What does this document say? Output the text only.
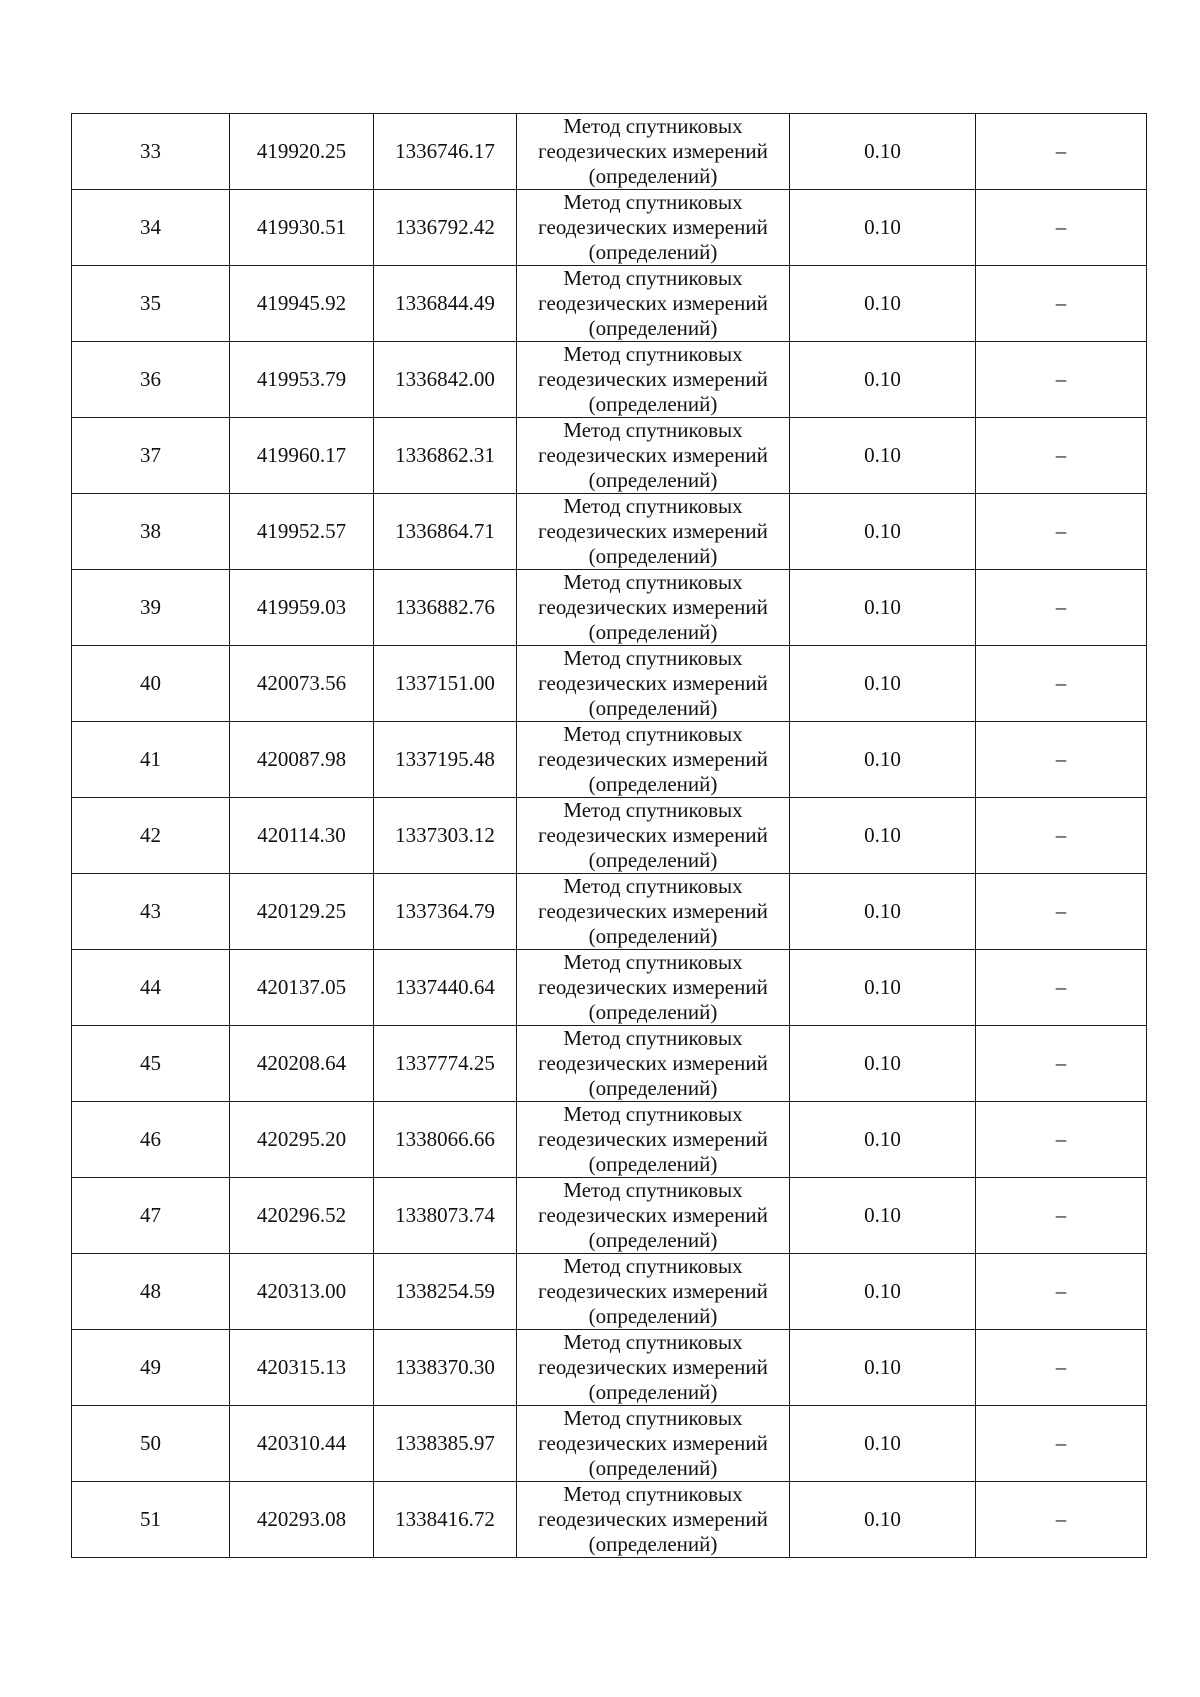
33	419920.25	1336746.17	Метод спутниковых
геодезических измерений
(определений)	0.10	–
34	419930.51	1336792.42	Метод спутниковых
геодезических измерений
(определений)	0.10	–
35	419945.92	1336844.49	Метод спутниковых
геодезических измерений
(определений)	0.10	–
36	419953.79	1336842.00	Метод спутниковых
геодезических измерений
(определений)	0.10	–
37	419960.17	1336862.31	Метод спутниковых
геодезических измерений
(определений)	0.10	–
38	419952.57	1336864.71	Метод спутниковых
геодезических измерений
(определений)	0.10	–
39	419959.03	1336882.76	Метод спутниковых
геодезических измерений
(определений)	0.10	–
40	420073.56	1337151.00	Метод спутниковых
геодезических измерений
(определений)	0.10	–
41	420087.98	1337195.48	Метод спутниковых
геодезических измерений
(определений)	0.10	–
42	420114.30	1337303.12	Метод спутниковых
геодезических измерений
(определений)	0.10	–
43	420129.25	1337364.79	Метод спутниковых
геодезических измерений
(определений)	0.10	–
44	420137.05	1337440.64	Метод спутниковых
геодезических измерений
(определений)	0.10	–
45	420208.64	1337774.25	Метод спутниковых
геодезических измерений
(определений)	0.10	–
46	420295.20	1338066.66	Метод спутниковых
геодезических измерений
(определений)	0.10	–
47	420296.52	1338073.74	Метод спутниковых
геодезических измерений
(определений)	0.10	–
48	420313.00	1338254.59	Метод спутниковых
геодезических измерений
(определений)	0.10	–
49	420315.13	1338370.30	Метод спутниковых
геодезических измерений
(определений)	0.10	–
50	420310.44	1338385.97	Метод спутниковых
геодезических измерений
(определений)	0.10	–
51	420293.08	1338416.72	Метод спутниковых
геодезических измерений
(определений)	0.10	–
